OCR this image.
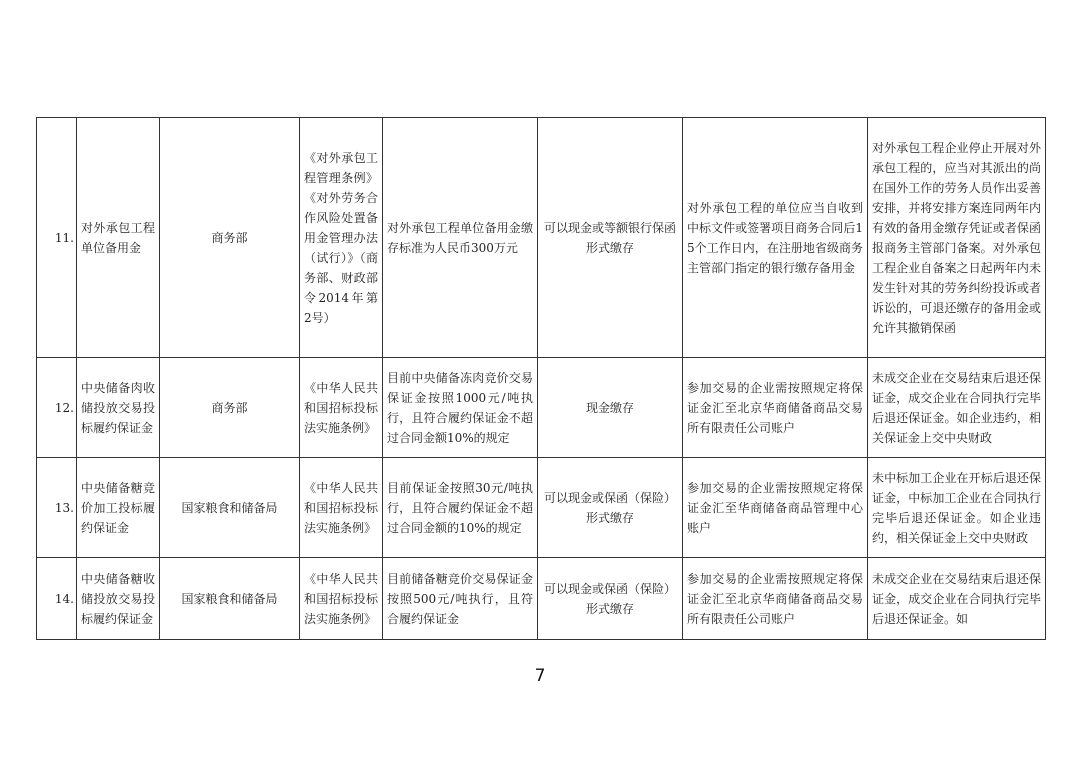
11.	对外承包工程单位备用金	商务部	《对外承包工程管理条例》《对外劳务合作风险处置备用金管理办法（试行）》（商务部、财政部令2014年第2号）	对外承包工程单位备用金缴存标准为人民币300万元	可以现金或等额银行保函形式缴存	对外承包工程的单位应当自收到中标文件或签署项目商务合同后15个工作日内，在注册地省级商务主管部门指定的银行缴存备用金	对外承包工程企业停止开展对外承包工程的，应当对其派出的尚在国外工作的劳务人员作出妥善安排，并将安排方案连同两年内有效的备用金缴存凭证或者保函报商务主管部门备案。对外承包工程企业自备案之日起两年内未发生针对其的劳务纠纷投诉或者诉讼的，可退还缴存的备用金或允许其撤销保函
12.	中央储备肉收储投放交易投标履约保证金	商务部	《中华人民共和国招标投标法实施条例》	目前中央储备冻肉竞价交易保证金按照1000元/吨执行，且符合履约保证金不超过合同金额10%的规定	现金缴存	参加交易的企业需按照规定将保证金汇至北京华商储备商品交易所有限责任公司账户	未成交企业在交易结束后退还保证金，成交企业在合同执行完毕后退还保证金。如企业违约，相关保证金上交中央财政
13.	中央储备糖竞价加工投标履约保证金	国家粮食和储备局	《中华人民共和国招标投标法实施条例》	目前保证金按照30元/吨执行，且符合履约保证金不超过合同金额的10%的规定	可以现金或保函（保险）形式缴存	参加交易的企业需按照规定将保证金汇至华商储备商品管理中心账户	未中标加工企业在开标后退还保证金，中标加工企业在合同执行完毕后退还保证金。如企业违约，相关保证金上交中央财政
14.	中央储备糖收储投放交易投标履约保证金	国家粮食和储备局	《中华人民共和国招标投标法实施条例》	目前储备糖竞价交易保证金按照500元/吨执行，且符合履约保证金	可以现金或保函（保险）形式缴存	参加交易的企业需按照规定将保证金汇至北京华商储备商品交易所有限责任公司账户	未成交企业在交易结束后退还保证金，成交企业在合同执行完毕后退还保证金。如
7
